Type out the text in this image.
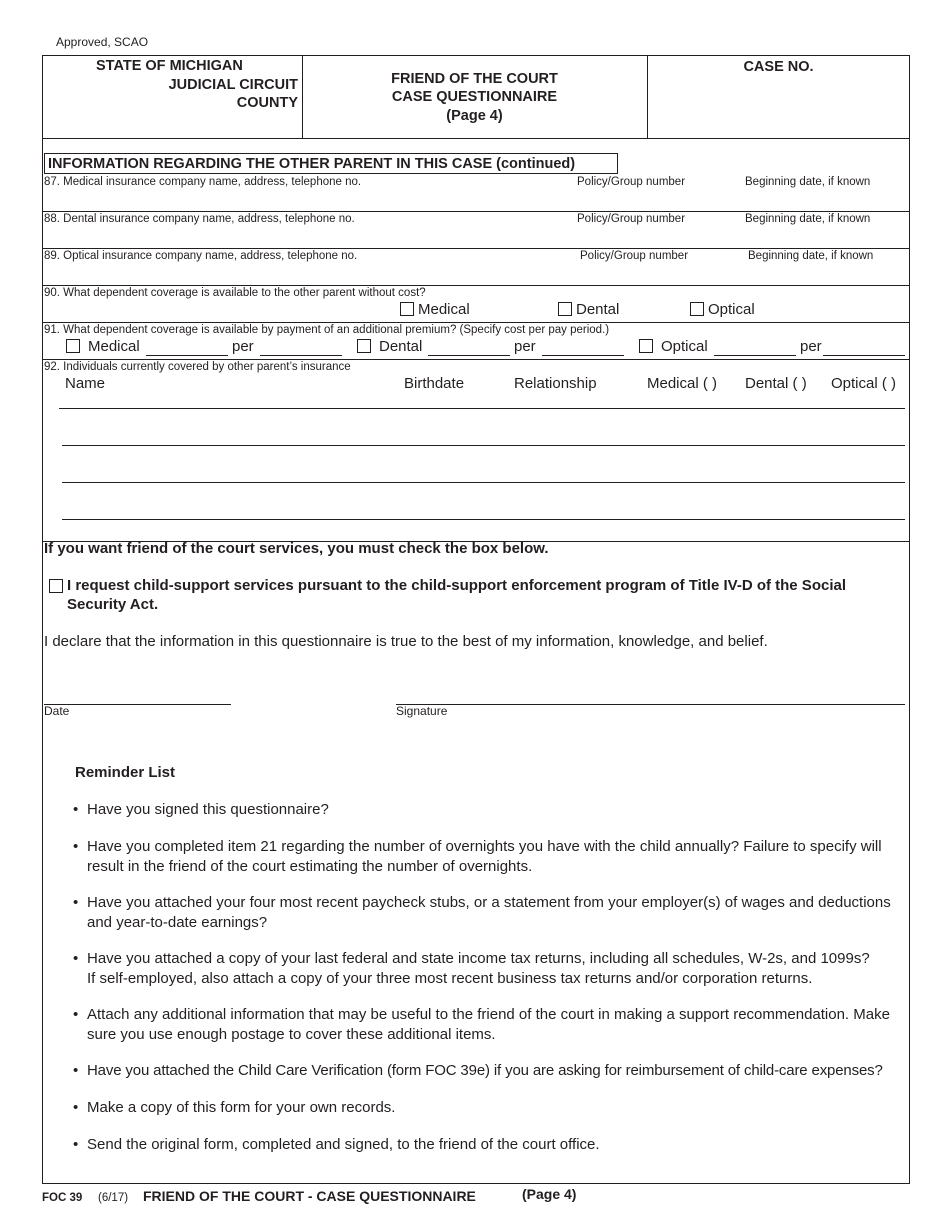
Approved, SCAO
STATE OF MICHIGAN
JUDICIAL CIRCUIT
COUNTY
FRIEND OF THE COURT
CASE QUESTIONNAIRE
(Page 4)
CASE NO.
INFORMATION REGARDING THE OTHER PARENT IN THIS CASE (continued)
87. Medical insurance company name, address, telephone no.	Policy/Group number	Beginning date, if known
88. Dental insurance company name, address, telephone no.	Policy/Group number	Beginning date, if known
89. Optical insurance company name, address, telephone no.	Policy/Group number	Beginning date, if known
90. What dependent coverage is available to the other parent without cost?
Medical	Dental	Optical
91. What dependent coverage is available by payment of an additional premium? (Specify cost per pay period.)
Medical	per	Dental	per	Optical	per
92. Individuals currently covered by other parent’s insurance
Name	Birthdate	Relationship	Medical ( ) Dental ( ) Optical ( )
If you want friend of the court services, you must check the box below.
I request child-support services pursuant to the child-support enforcement program of Title IV-D of the Social
Security Act.
I declare that the information in this questionnaire is true to the best of my information, knowledge, and belief.
Date	Signature
Reminder List
• Have you signed this questionnaire?
• Have you completed item 21 regarding the number of overnights you have with the child annually? Failure to specify will
result in the friend of the court estimating the number of overnights.
• Have you attached your four most recent paycheck stubs, or a statement from your employer(s) of wages and deductions
and year-to-date earnings?
• Have you attached a copy of your last federal and state income tax returns, including all schedules, W-2s, and 1099s?
If self-employed, also attach a copy of your three most recent business tax returns and/or corporation returns.
• Attach any additional information that may be useful to the friend of the court in making a support recommendation. Make
sure you use enough postage to cover these additional items.
• Have you attached the Child Care Verification (form FOC 39e) if you are asking for reimbursement of child-care expenses?
• Make a copy of this form for your own records.
• Send the original form, completed and signed, to the friend of the court office.
FOC 39 (6/17) FRIEND OF THE COURT - CASE QUESTIONNAIRE	(Page 4)
